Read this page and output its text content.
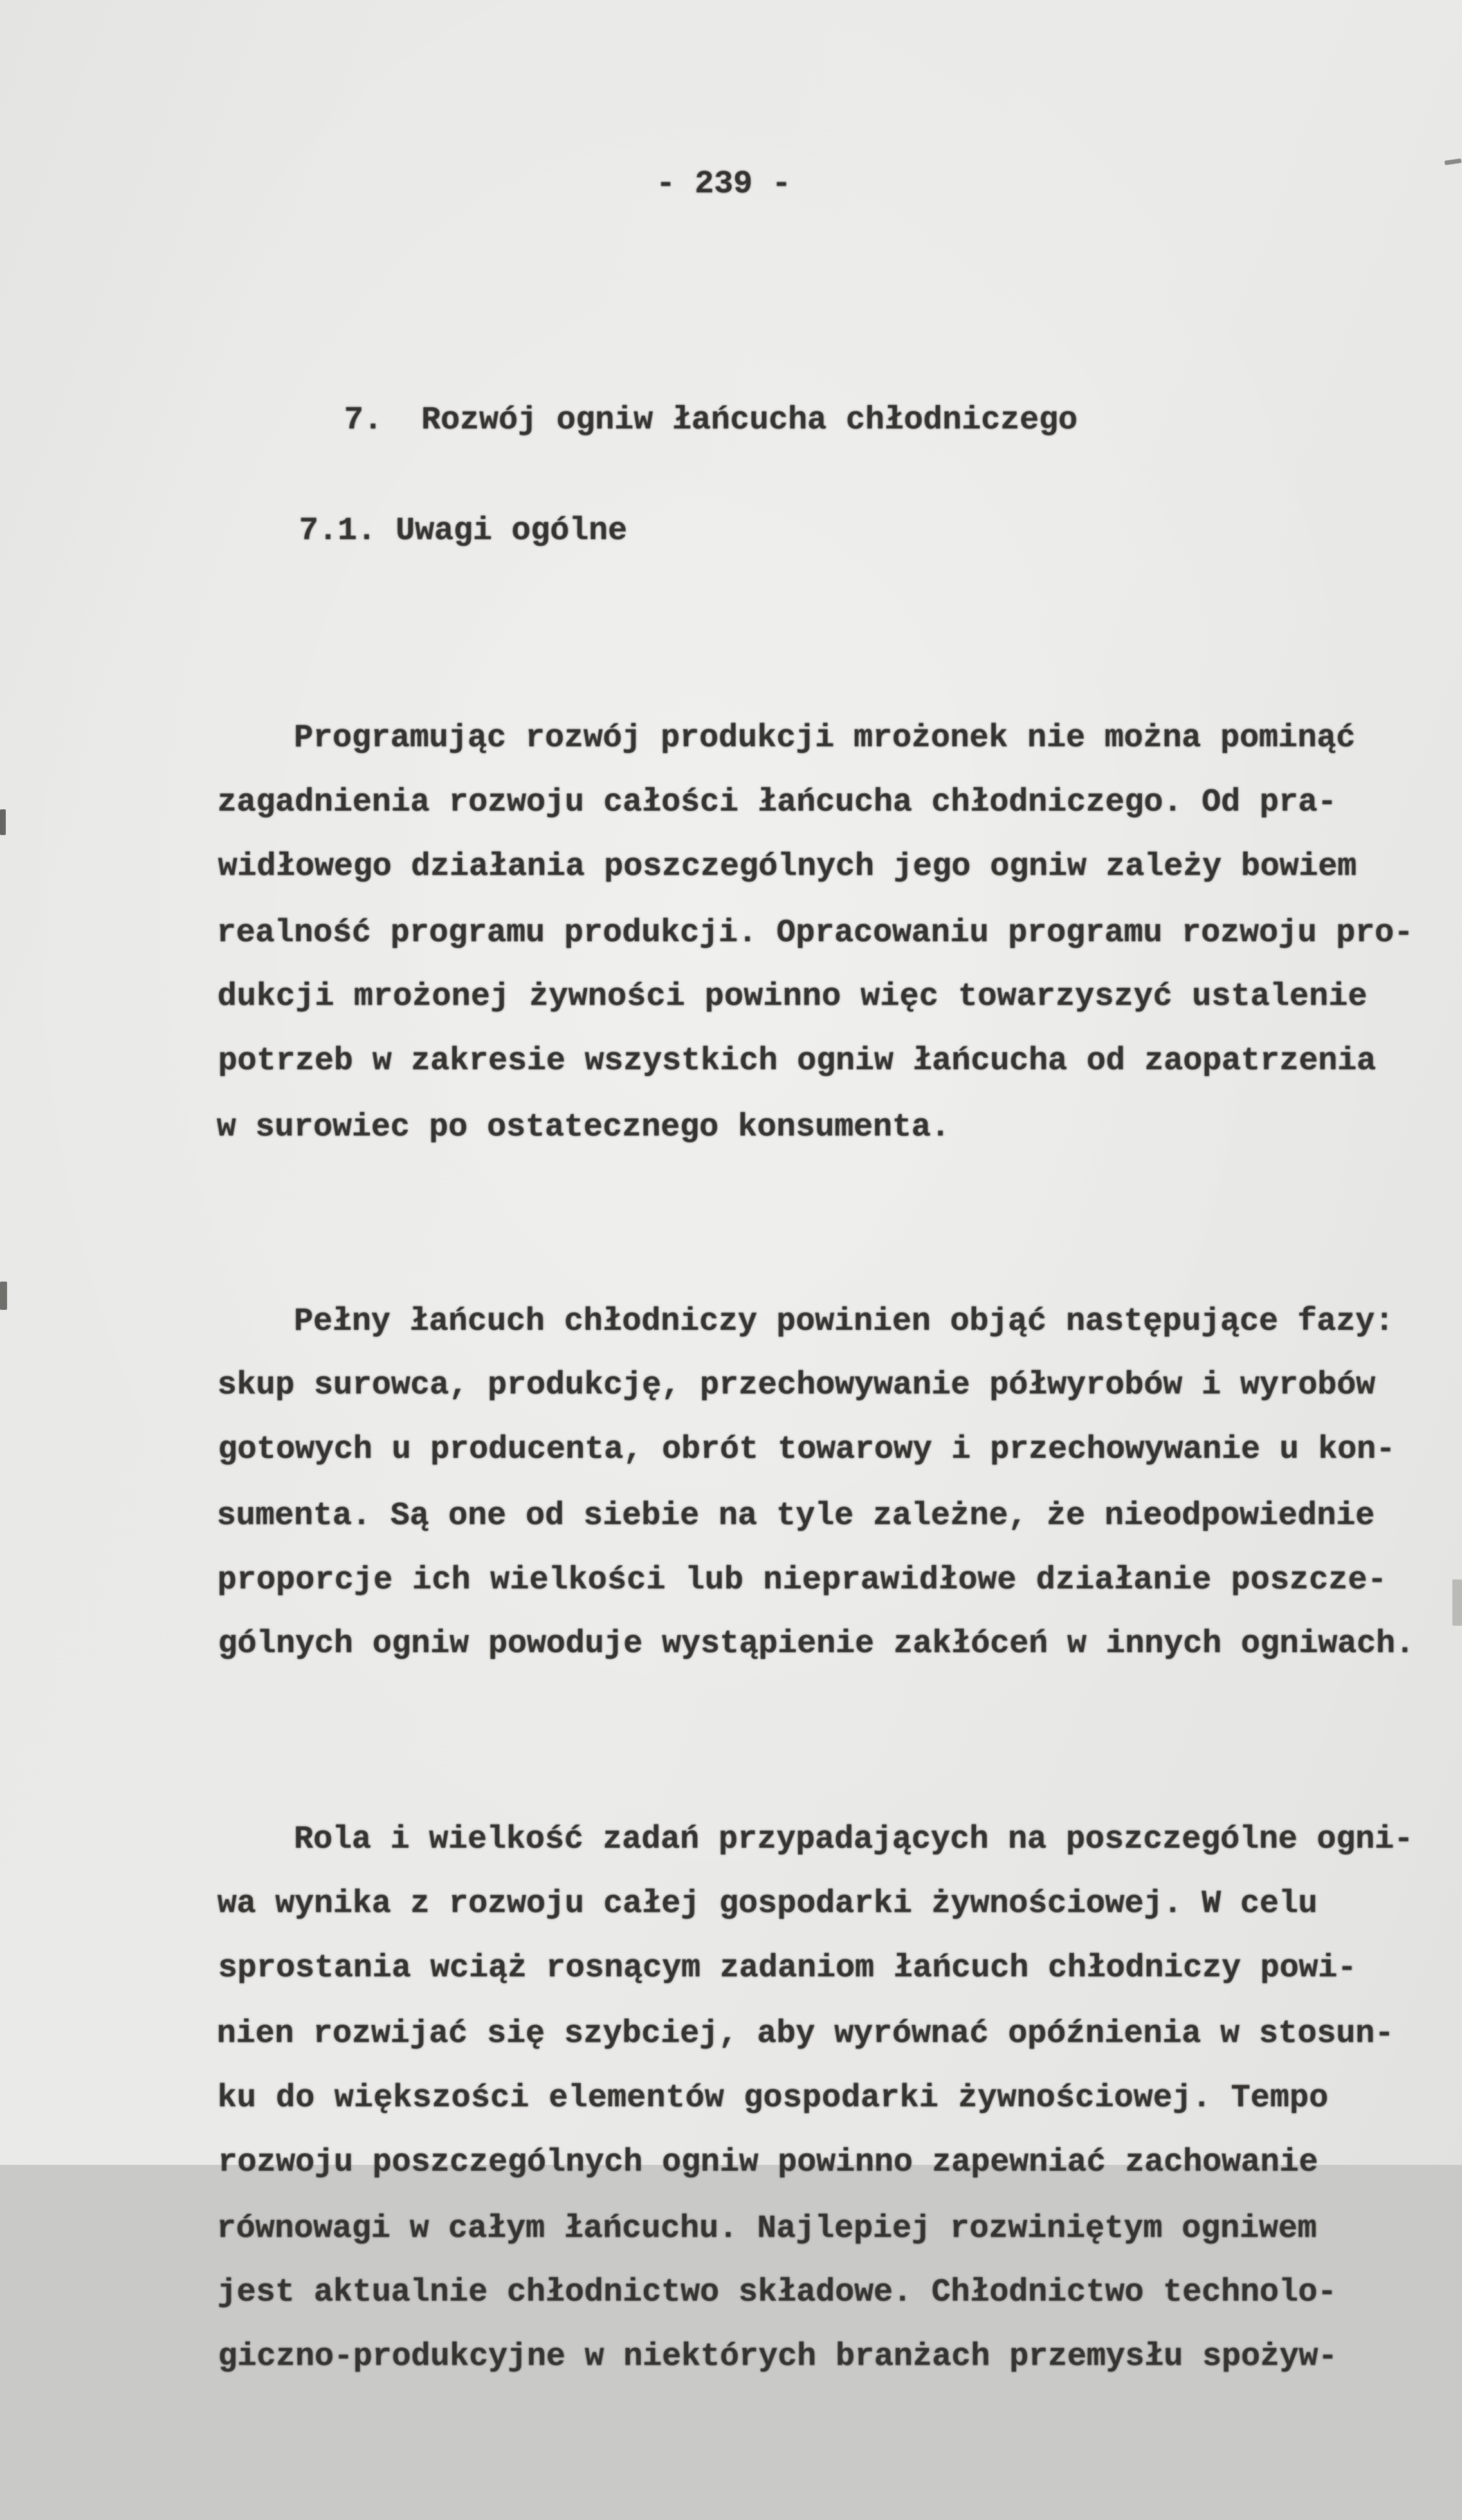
- 239 -

7. Rozwój ogniw łańcucha chłodniczego

7.1. Uwagi ogólne

Programując rozwój produkcji mrożonek nie można pominąć
zagadnienia rozwoju całości łańcucha chłodniczego. Od pra-
widłowego działania poszczególnych jego ogniw zależy bowiem
realność programu produkcji. Opracowaniu programu rozwoju pro-
dukcji mrożonej żywności powinno więc towarzyszyć ustalenie
potrzeb w zakresie wszystkich ogniw łańcucha od zaopatrzenia
w surowiec po ostatecznego konsumenta.

Pełny łańcuch chłodniczy powinien objąć następujące fazy:
skup surowca, produkcję, przechowywanie półwyrobów i wyrobów
gotowych u producenta, obrót towarowy i przechowywanie u kon-
sumenta. Są one od siebie na tyle zależne, że nieodpowiednie
proporcje ich wielkości lub nieprawidłowe działanie poszcze-
gólnych ogniw powoduje wystąpienie zakłóceń w innych ogniwach.

Rola i wielkość zadań przypadających na poszczególne ogni-
wa wynika z rozwoju całej gospodarki żywnościowej. W celu
sprostania wciąż rosnącym zadaniom łańcuch chłodniczy powi-
nien rozwijać się szybciej, aby wyrównać opóźnienia w stosun-
ku do większości elementów gospodarki żywnościowej. Tempo
rozwoju poszczególnych ogniw powinno zapewniać zachowanie
równowagi w całym łańcuchu. Najlepiej rozwiniętym ogniwem
jest aktualnie chłodnictwo składowe. Chłodnictwo technolo-
giczno-produkcyjne w niektórych branżach przemysłu spożyw-
